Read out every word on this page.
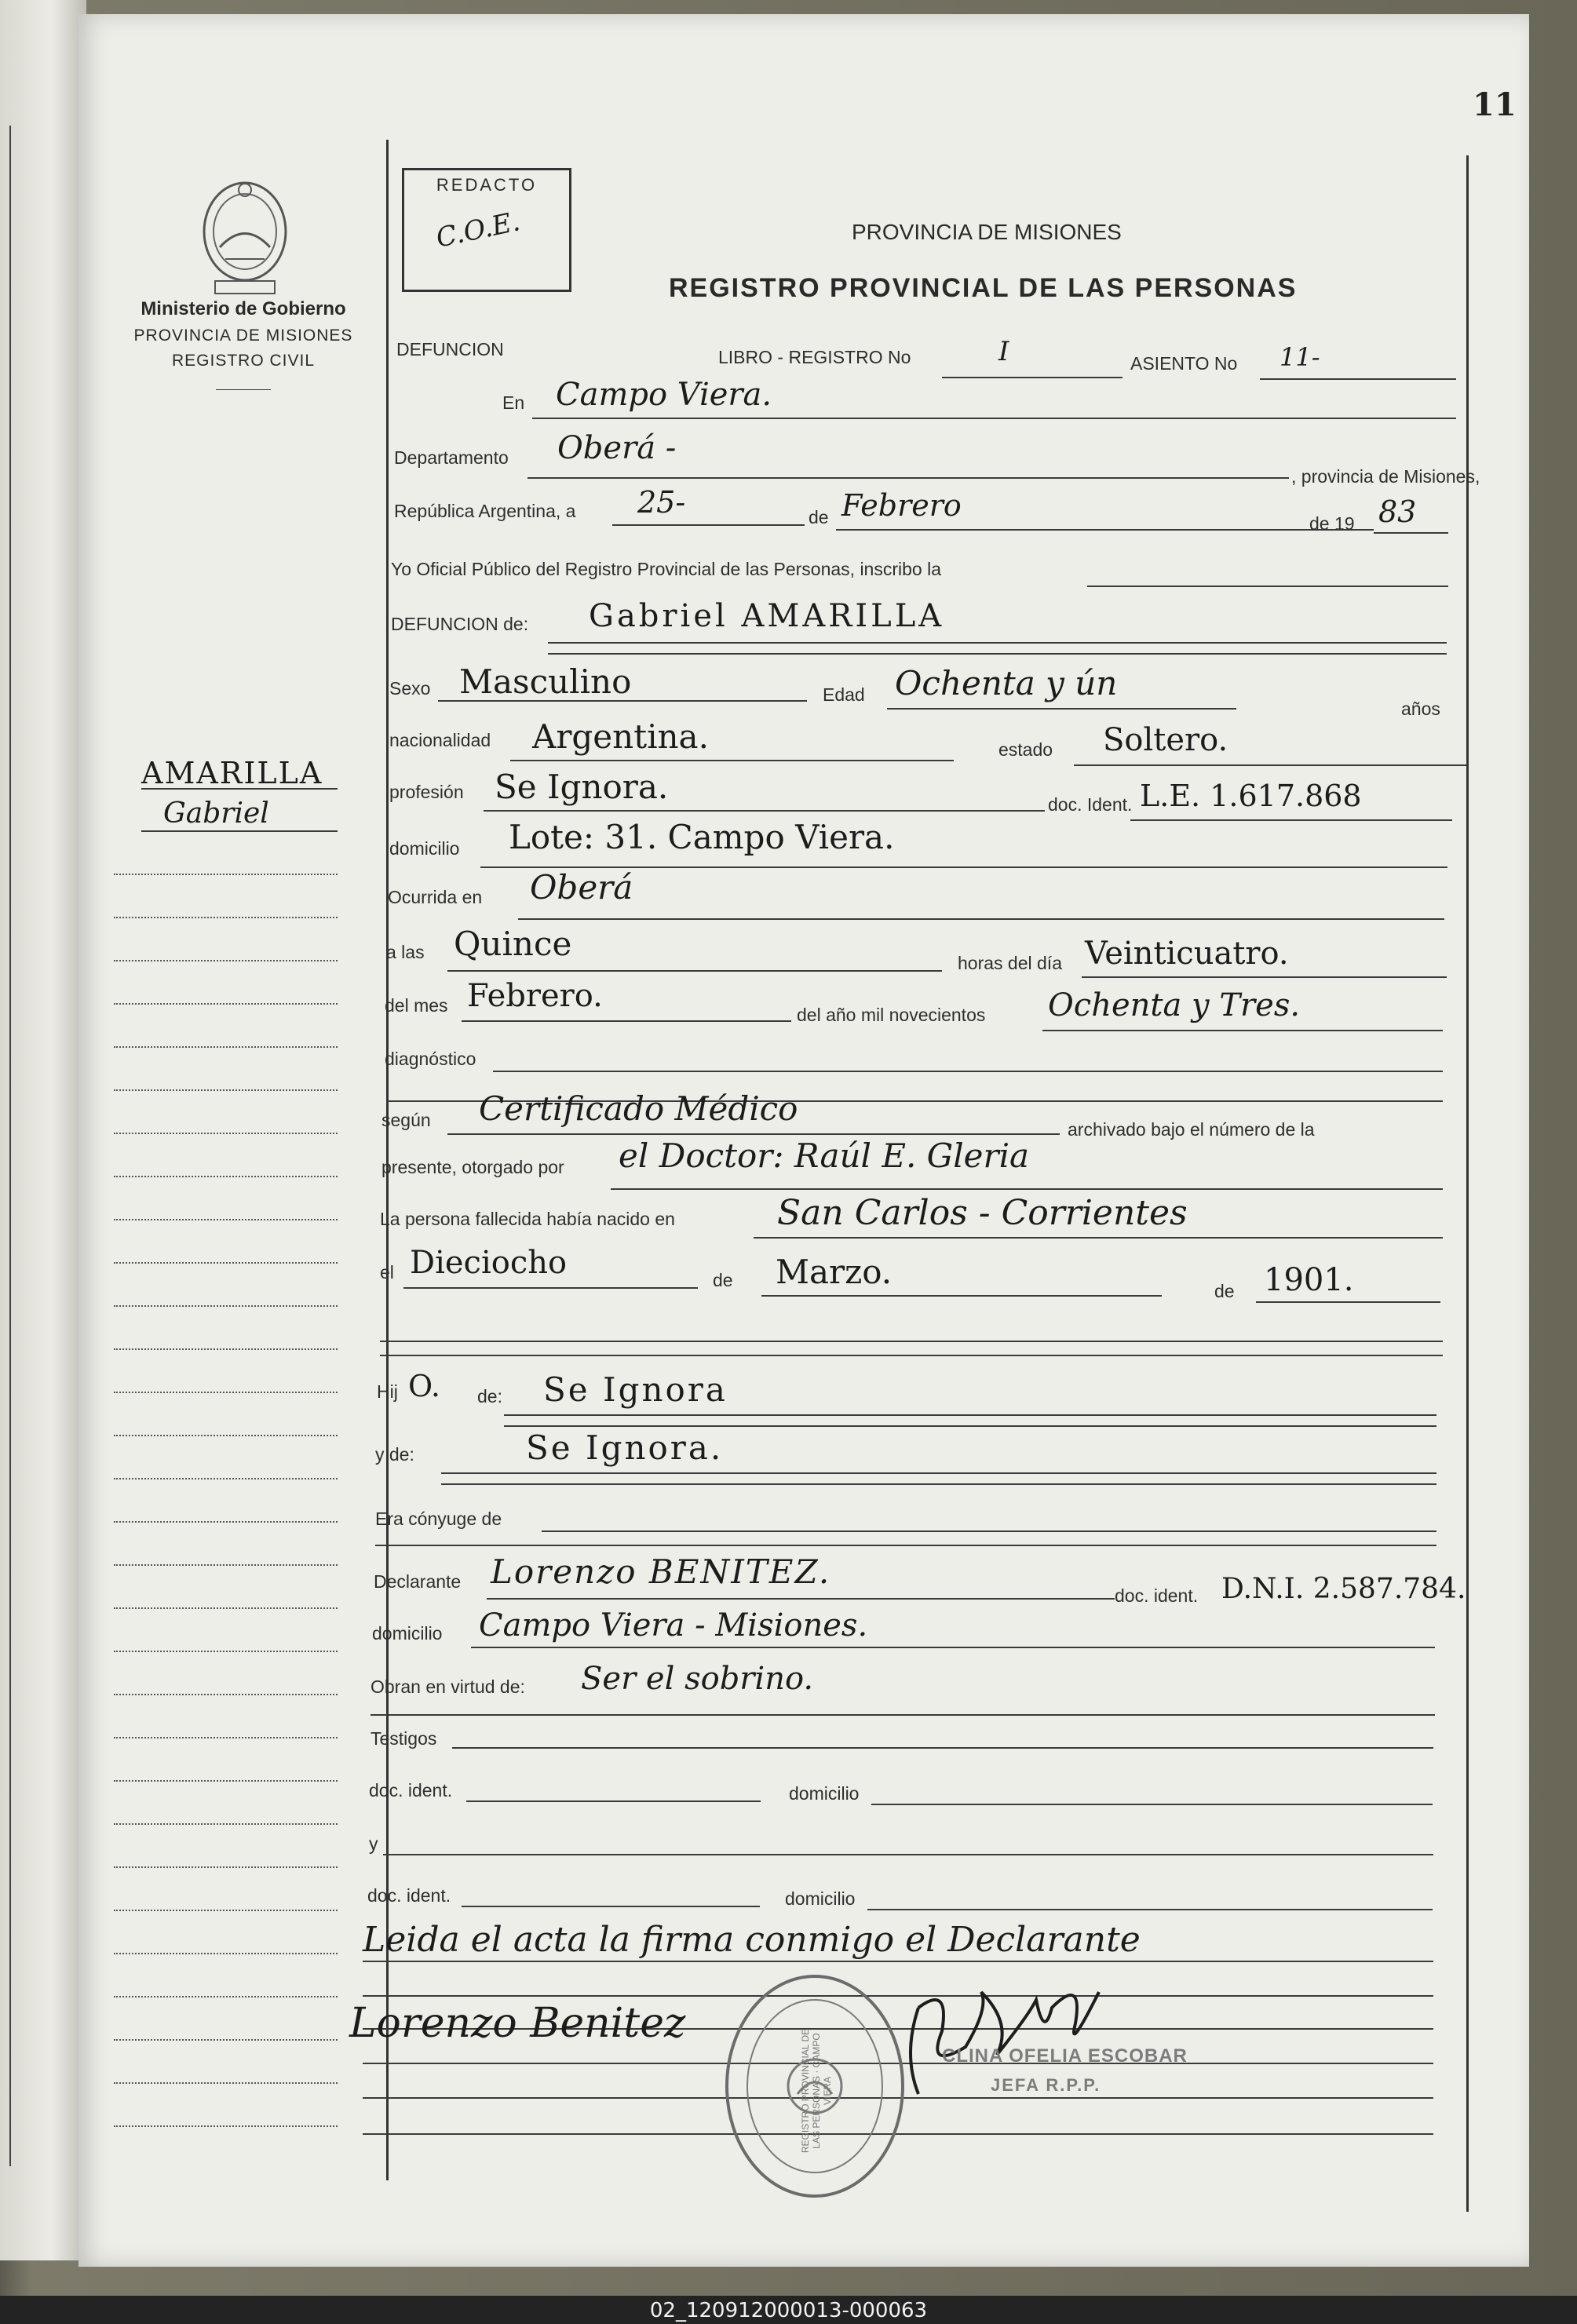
11
Ministerio de Gobierno
PROVINCIA DE MISIONES
REGISTRO CIVIL
REDACTO
C.O.E.	PROVINCIA DE MISIONES
REGISTRO PROVINCIAL DE LAS PERSONAS
AMARILLA
Gabriel
DEFUNCION	LIBRO - REGISTRO No	I	ASIENTO No 11-
En Campo Viera.
Departamento Oberá -
, provincia de Misiones,
República Argentina, a 25-	de Febrero
de 19 83
Yo Oficial Público del Registro Provincial de las Personas, inscribo la
DEFUNCION de: Gabriel AMARILLA
Sexo Masculino	Edad Ochenta y ún
años
nacionalidad Argentina.	estado Soltero.
profesión Se Ignora.	doc. Ident. L.E. 1.617.868
domicilio Lote: 31. Campo Viera.
Ocurrida en Oberá
a las Quince	horas del día Veinticuatro.
del mes Febrero.
del año mil novecientos Ochenta y Tres.
diagnóstico
según Certificado Médico
archivado bajo el número de la
presente, otorgado por el Doctor: Raúl E. Gleria
La persona fallecida había nacido en	San Carlos - Corrientes
el Dieciocho	de Marzo.	de 1901.
Hij O. de: Se Ignora
y de:	Se Ignora.
Era cónyuge de
Declarante Lorenzo BENITEZ.
doc. ident. D.N.I. 2.587.784.
domicilio Campo Viera - Misiones.
Obran en virtud de: Ser el sobrino.
Testigos
doc. ident.	domicilio
y
doc. ident.	domicilio
Leida el acta la firma conmigo el Declarante
Lorenzo Benitez
REGISTRO PROVINCIAL DE LAS PERSONAS · CAMPO VIERA
CLINA OFELIA ESCOBAR
JEFA R.P.P.
02_120912000013-000063
